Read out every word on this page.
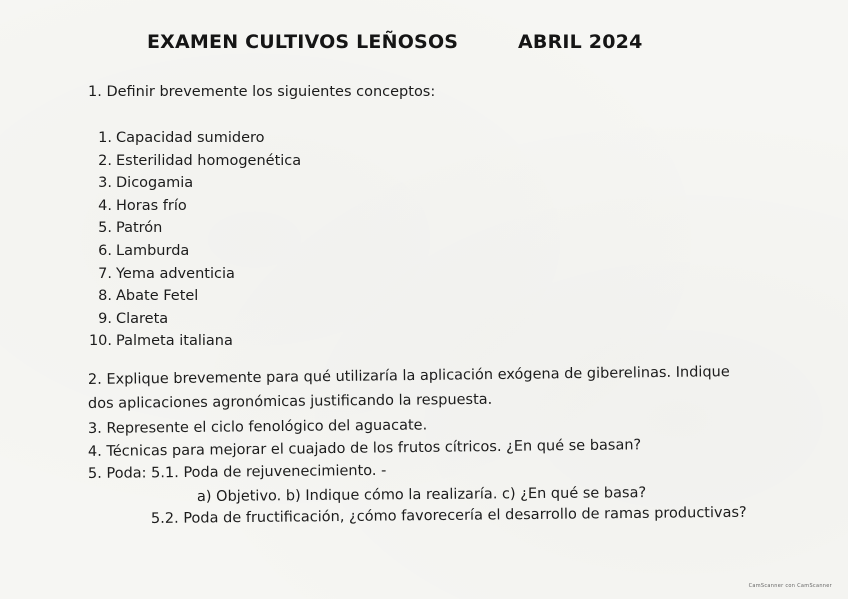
EXAMEN CULTIVOS LEÑOSOS	ABRIL 2024
1. Definir brevemente los siguientes conceptos:
1. Capacidad sumidero
2. Esterilidad homogenética
3. Dicogamia
4. Horas frío
5. Patrón
6. Lamburda
7. Yema adventicia
8. Abate Fetel
9. Clareta
10. Palmeta italiana
2. Explique brevemente para qué utilizaría la aplicación exógena de giberelinas. Indique
dos aplicaciones agronómicas justificando la respuesta.
3. Represente el ciclo fenológico del aguacate.
4. Técnicas para mejorar el cuajado de los frutos cítricos. ¿En qué se basan?
5. Poda: 5.1. Poda de rejuvenecimiento. -
a) Objetivo. b) Indique cómo la realizaría. c) ¿En qué se basa?
5.2. Poda de fructificación, ¿cómo favorecería el desarrollo de ramas productivas?
CamScanner con CamScanner
